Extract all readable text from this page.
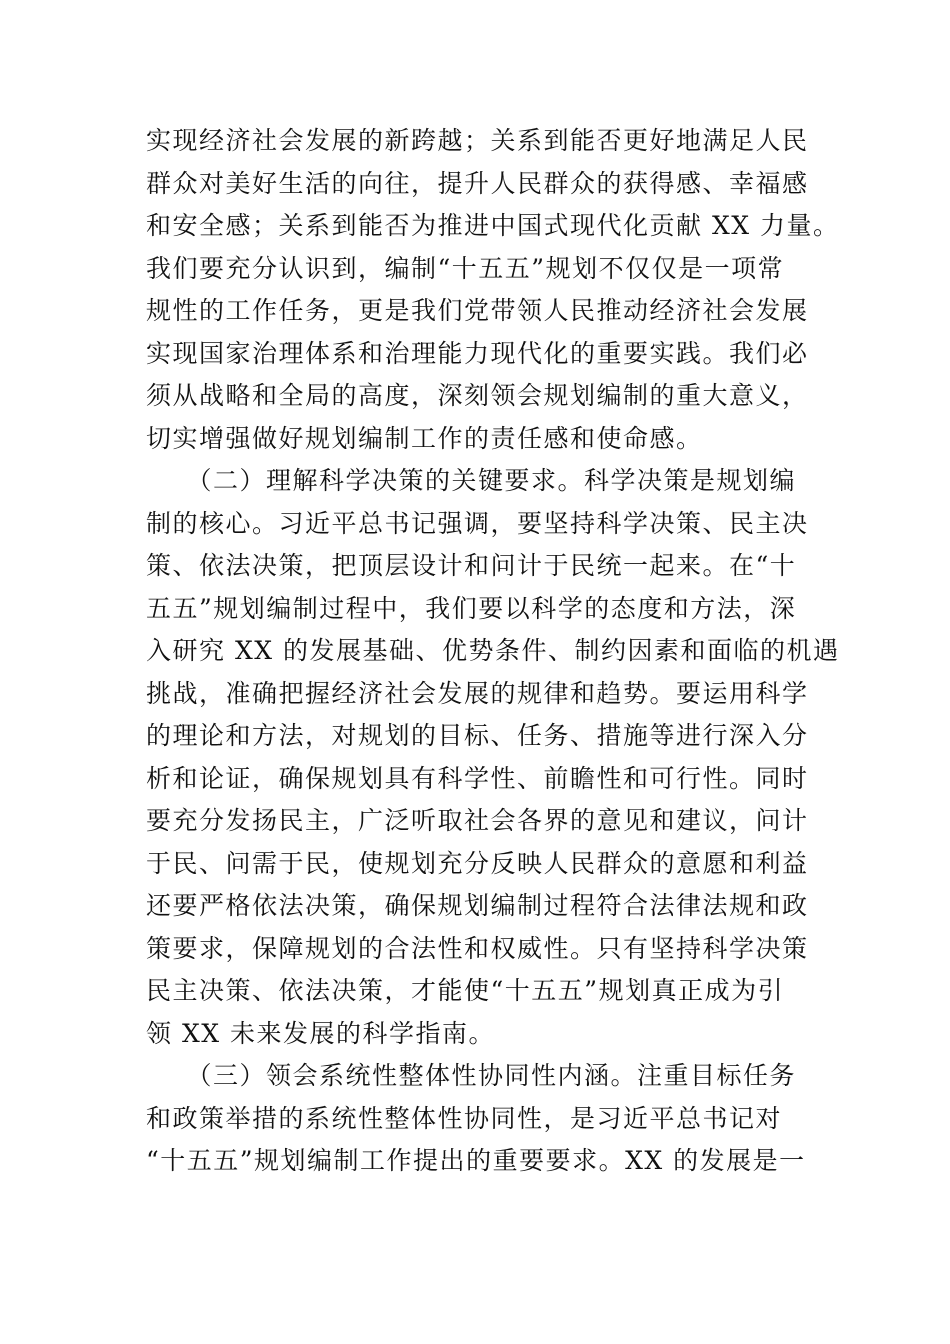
实现经济社会发展的新跨越；关系到能否更好地满足人民
群众对美好生活的向往，提升人民群众的获得感、幸福感
和安全感；关系到能否为推进中国式现代化贡献 XX 力量。
我们要充分认识到，编制“十五五”规划不仅仅是一项常
规性的工作任务，更是我们党带领人民推动经济社会发展
实现国家治理体系和治理能力现代化的重要实践。我们必
须从战略和全局的高度，深刻领会规划编制的重大意义，
切实增强做好规划编制工作的责任感和使命感。
　　（二）理解科学决策的关键要求。科学决策是规划编
制的核心。习近平总书记强调，要坚持科学决策、民主决
策、依法决策，把顶层设计和问计于民统一起来。在“十
五五”规划编制过程中，我们要以科学的态度和方法，深
入研究 XX 的发展基础、优势条件、制约因素和面临的机遇
挑战，准确把握经济社会发展的规律和趋势。要运用科学
的理论和方法，对规划的目标、任务、措施等进行深入分
析和论证，确保规划具有科学性、前瞻性和可行性。同时
要充分发扬民主，广泛听取社会各界的意见和建议，问计
于民、问需于民，使规划充分反映人民群众的意愿和利益
还要严格依法决策，确保规划编制过程符合法律法规和政
策要求，保障规划的合法性和权威性。只有坚持科学决策
民主决策、依法决策，才能使“十五五”规划真正成为引
领 XX 未来发展的科学指南。
　　（三）领会系统性整体性协同性内涵。注重目标任务
和政策举措的系统性整体性协同性，是习近平总书记对
“十五五”规划编制工作提出的重要要求。XX 的发展是一
